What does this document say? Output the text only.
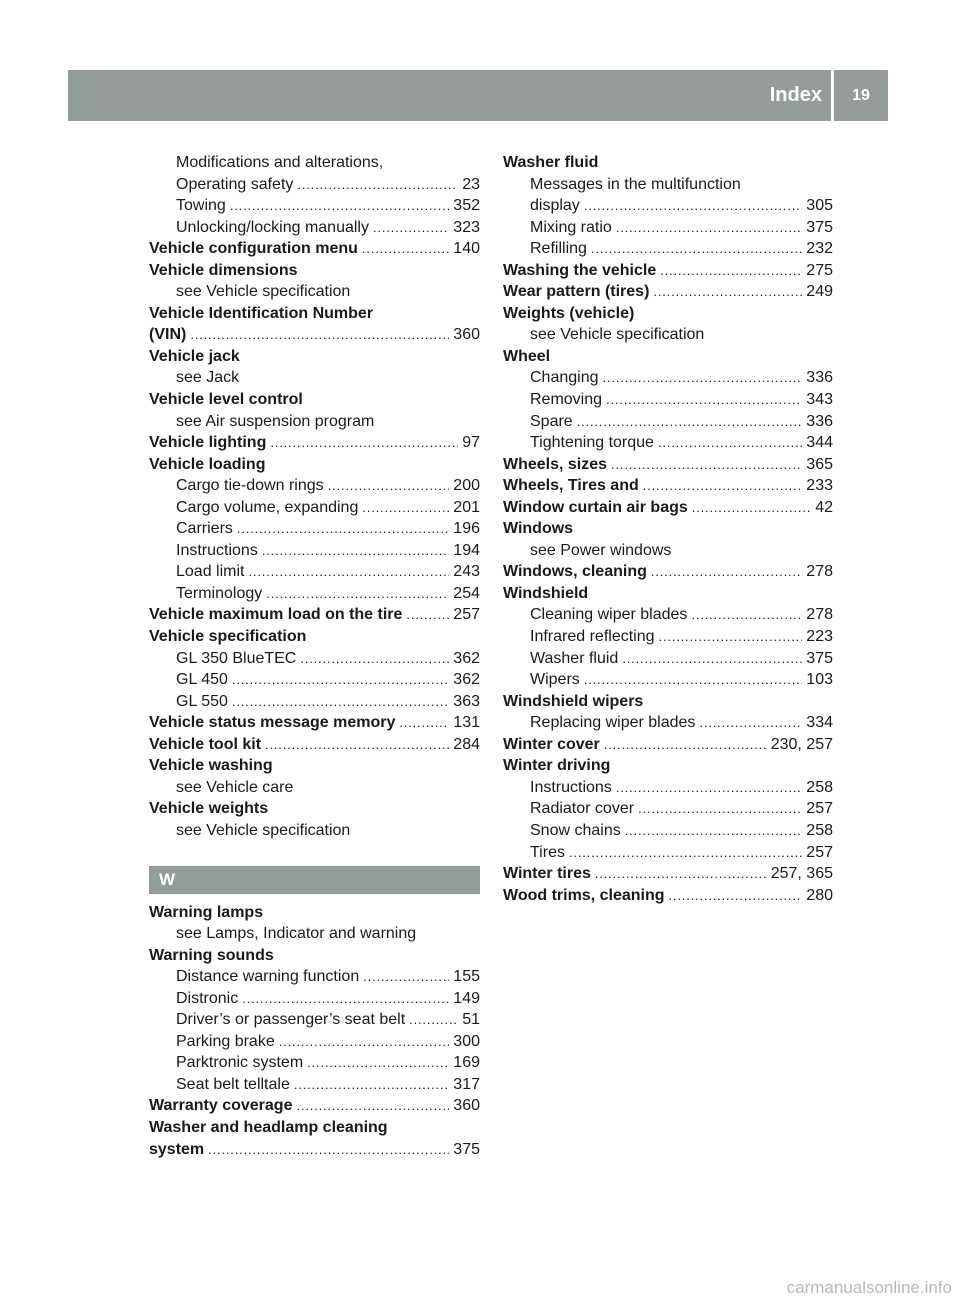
Index	19
Modifications and alterations,
Operating safety . . .	23
Towing . . .	352
Unlocking/locking manually . . .	323
Vehicle configuration menu . . .	140
Vehicle dimensions
see Vehicle specification
Vehicle Identification Number
(VIN) . . .	360
Vehicle jack
see Jack
Vehicle level control
see Air suspension program
Vehicle lighting . . .	97
Vehicle loading
Cargo tie-down rings . . .	200
Cargo volume, expanding . . .	201
Carriers . . .	196
Instructions . . .	194
Load limit . . .	243
Terminology . . .	254
Vehicle maximum load on the tire . . .	257
Vehicle specification
GL 350 BlueTEC . . .	362
GL 450 . . .	362
GL 550 . . .	363
Vehicle status message memory . . .	131
Vehicle tool kit . . .	284
Vehicle washing
see Vehicle care
Vehicle weights
see Vehicle specification
W
Warning lamps
see Lamps, Indicator and warning
Warning sounds
Distance warning function . . .	155
Distronic . . .	149
Driver’s or passenger’s seat belt . . .	51
Parking brake . . .	300
Parktronic system . . .	169
Seat belt telltale . . .	317
Warranty coverage . . .	360
Washer and headlamp cleaning
system . . .	375
Washer fluid
Messages in the multifunction
display . . .	305
Mixing ratio . . .	375
Refilling . . .	232
Washing the vehicle . . .	275
Wear pattern (tires) . . .	249
Weights (vehicle)
see Vehicle specification
Wheel
Changing . . .	336
Removing . . .	343
Spare . . .	336
Tightening torque . . .	344
Wheels, sizes . . .	365
Wheels, Tires and . . .	233
Window curtain air bags . . .	42
Windows
see Power windows
Windows, cleaning . . .	278
Windshield
Cleaning wiper blades . . .	278
Infrared reflecting . . .	223
Washer fluid . . .	375
Wipers . . .	103
Windshield wipers
Replacing wiper blades . . .	334
Winter cover . . .	230, 257
Winter driving
Instructions . . .	258
Radiator cover . . .	257
Snow chains . . .	258
Tires . . .	257
Winter tires . . .	257, 365
Wood trims, cleaning . . .	280
carmanualsonline.info
